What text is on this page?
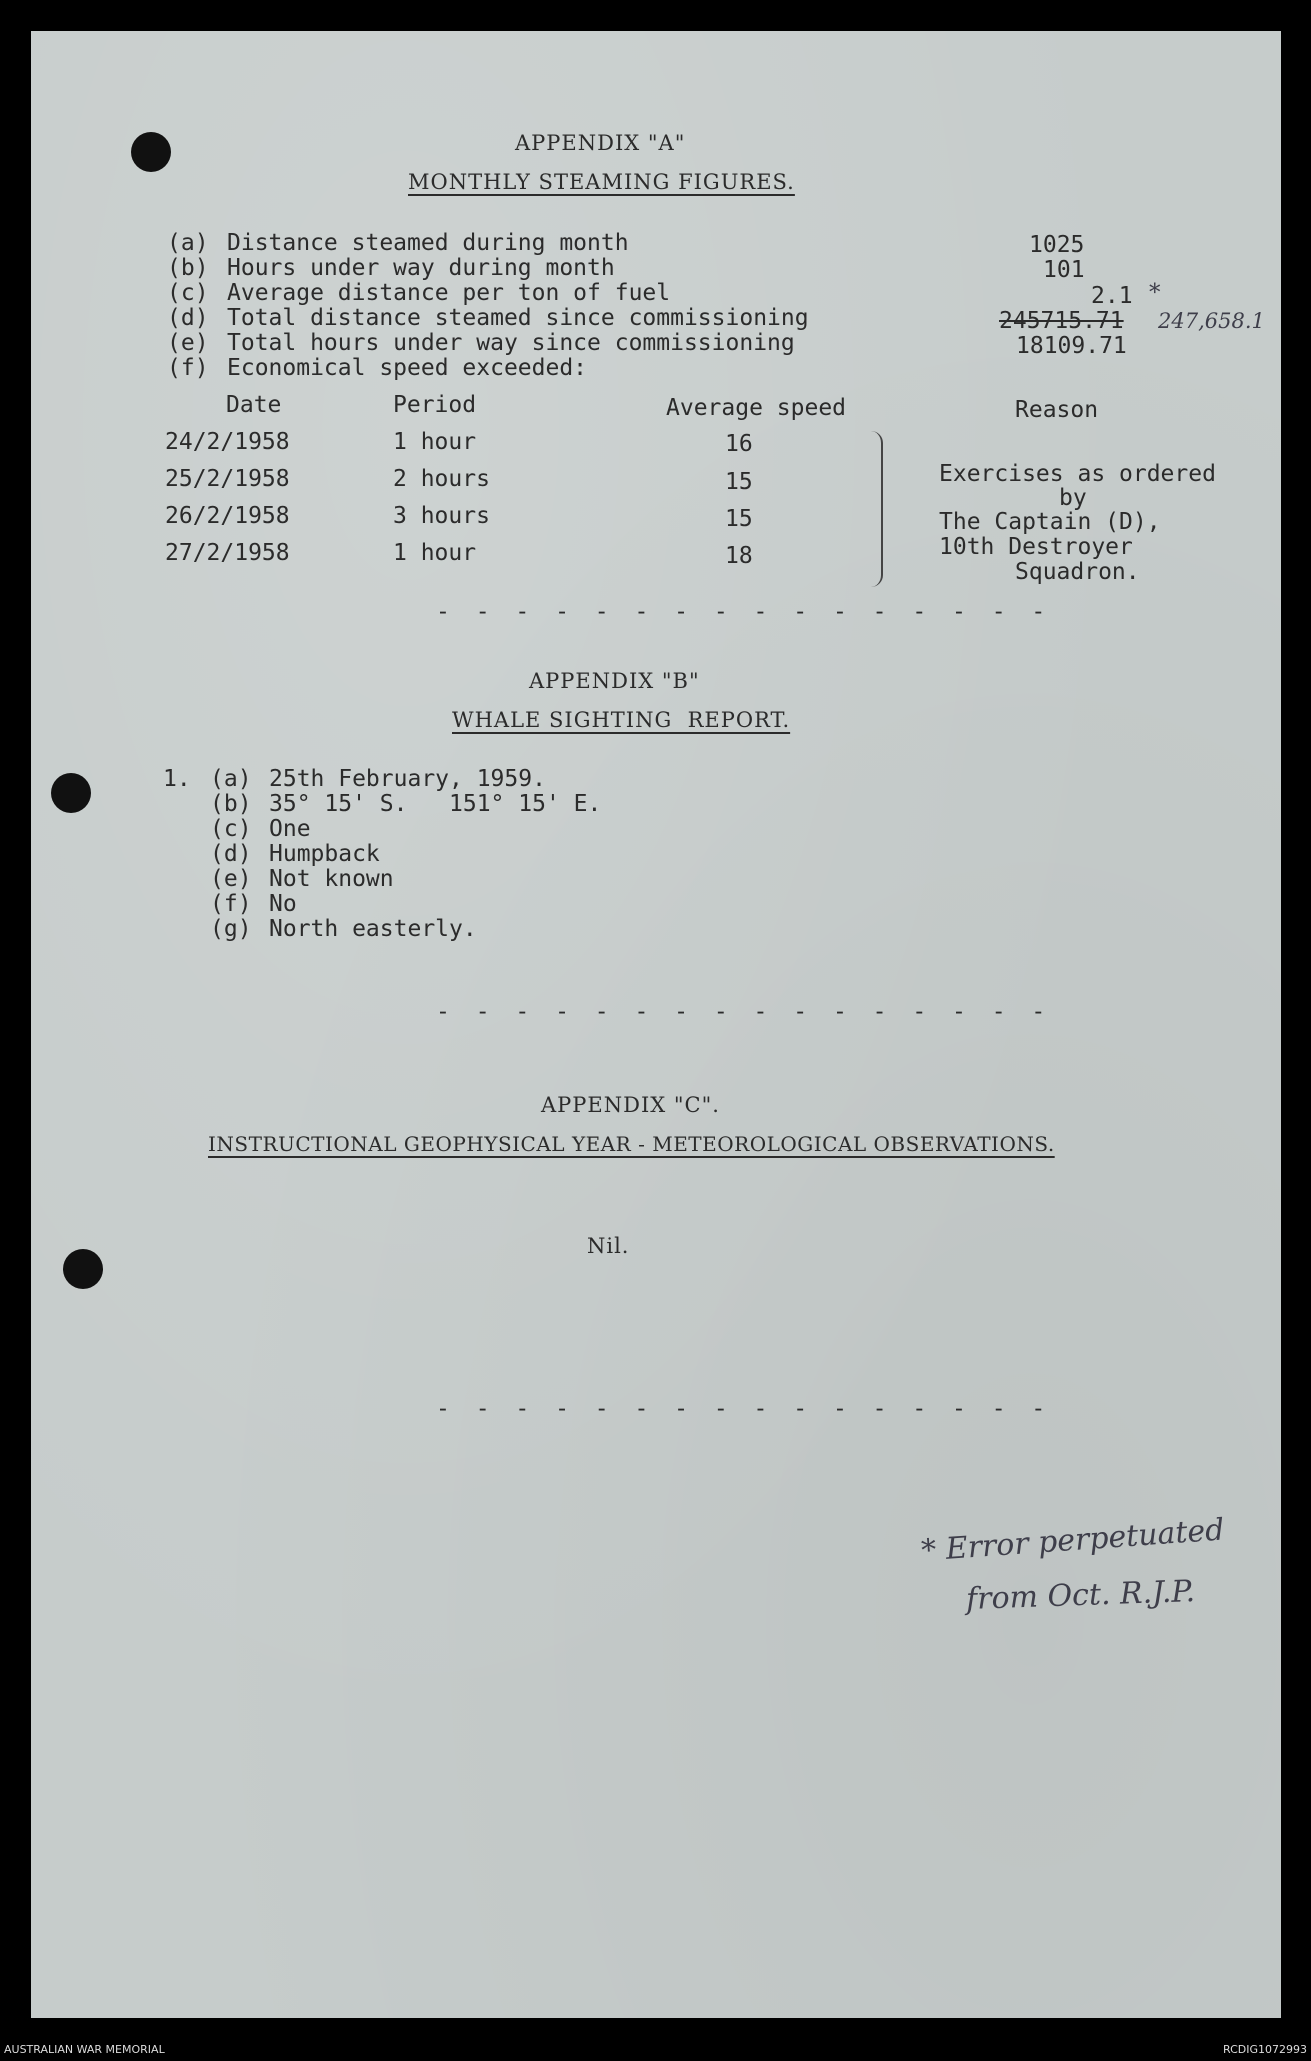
APPENDIX "A"
MONTHLY STEAMING FIGURES.
(a) Distance steamed during month	1025
(b) Hours under way during month	101
(c) Average distance per ton of fuel	2.1 *
(d) Total distance steamed since commissioning	245715.71 247,658.1
(e) Total hours under way since commissioning	18109.71
(f) Economical speed exceeded:
Date	Period	Average speed	Reason
24/2/1958	1 hour	16
25/2/1958	2 hours	15
26/2/1958	3 hours	15
27/2/1958	1 hour	18
Exercises as ordered
by
The Captain (D),
10th Destroyer
Squadron.
- - - - - - - - - - - - - - - -
APPENDIX "B"
WHALE SIGHTING  REPORT.
1. (a) 25th February, 1959.
(b) 35° 15' S.   151° 15' E.
(c) One
(d) Humpback
(e) Not known
(f) No
(g) North easterly.
- - - - - - - - - - - - - - - -
APPENDIX "C".
INSTRUCTIONAL GEOPHYSICAL YEAR - METEOROLOGICAL OBSERVATIONS.
Nil.
- - - - - - - - - - - - - - - -
* Error perpetuated
from Oct. R.J.P.
AUSTRALIAN WAR MEMORIAL	RCDIG1072993
